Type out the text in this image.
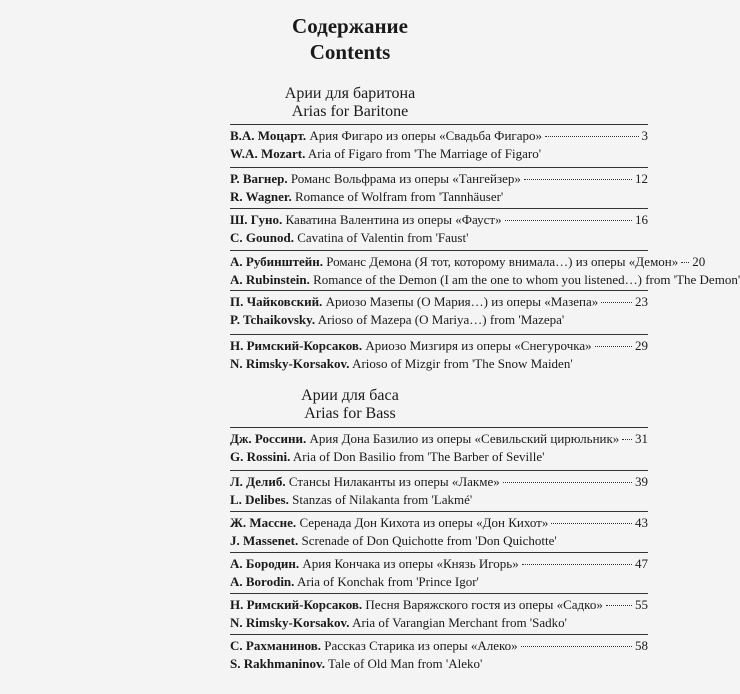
Содержание
Contents
Арии для баритона
Arias for Baritone
В.А. Моцарт. Ария Фигаро из оперы «Свадьба Фигаро»	3
W.A. Mozart. Aria of Figaro from 'The Marriage of Figaro'
Р. Вагнер. Романс Вольфрама из оперы «Тангейзер»	12
R. Wagner. Romance of Wolfram from 'Tannhäuser'
Ш. Гуно. Каватина Валентина из оперы «Фауст»	16
C. Gounod. Cavatina of Valentin from 'Faust'
А. Рубинштейн. Романс Демона (Я тот, которому внимала…) из оперы «Демон» 20
A. Rubinstein. Romance of the Demon (I am the one to whom you listened…) from 'The Demon'
П. Чайковский. Ариозо Мазепы (О Мария…) из оперы «Мазепа»	23
P. Tchaikovsky. Arioso of Mazepa (O Mariya…) from 'Mazepa'
Н. Римский-Корсаков. Ариозо Мизгиря из оперы «Снегурочка»	29
N. Rimsky-Korsakov. Arioso of Mizgir from 'The Snow Maiden'
Арии для баса
Arias for Bass
Дж. Россини. Ария Дона Базилио из оперы «Севильский цирюльник» 31
G. Rossini. Aria of Don Basilio from 'The Barber of Seville'
Л. Делиб. Стансы Нилаканты из оперы «Лакме»	39
L. Delibes. Stanzas of Nilakanta from 'Lakmé'
Ж. Массне. Серенада Дон Кихота из оперы «Дон Кихот»	43
J. Massenet. Screnade of Don Quichotte from 'Don Quichotte'
А. Бородин. Ария Кончака из оперы «Князь Игорь»	47
A. Borodin. Aria of Konchak from 'Prince Igor'
Н. Римский-Корсаков. Песня Варяжского гостя из оперы «Садко» 55
N. Rimsky-Korsakov. Aria of Varangian Merchant from 'Sadko'
С. Рахманинов. Рассказ Старика из оперы «Алеко»	58
S. Rakhmaninov. Tale of Old Man from 'Aleko'
